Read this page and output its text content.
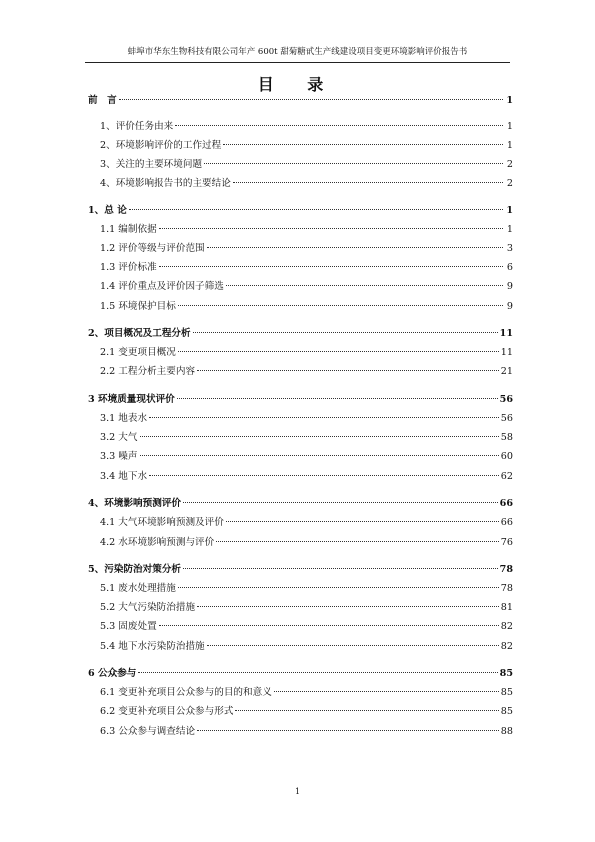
蚌埠市华东生物科技有限公司年产 600t 甜菊糖甙生产线建设项目变更环境影响评价报告书
目 录
前　言	1
1、评价任务由来	1
2、环境影响评价的工作过程	1
3、关注的主要环境问题	2
4、环境影响报告书的主要结论	2
1、总 论	1
1.1 编制依据	1
1.2 评价等级与评价范围	3
1.3 评价标准	6
1.4 评价重点及评价因子筛选	9
1.5 环境保护目标	9
2、项目概况及工程分析	11
2.1 变更项目概况	11
2.2 工程分析主要内容	21
3 环境质量现状评价	56
3.1 地表水	56
3.2 大气	58
3.3 噪声	60
3.4 地下水	62
4、环境影响预测评价	66
4.1 大气环境影响预测及评价	66
4.2 水环境影响预测与评价	76
5、污染防治对策分析	78
5.1 废水处理措施	78
5.2 大气污染防治措施	81
5.3 固废处置	82
5.4 地下水污染防治措施	82
6 公众参与	85
6.1 变更补充项目公众参与的目的和意义	85
6.2 变更补充项目公众参与形式	85
6.3 公众参与调查结论	88
1
